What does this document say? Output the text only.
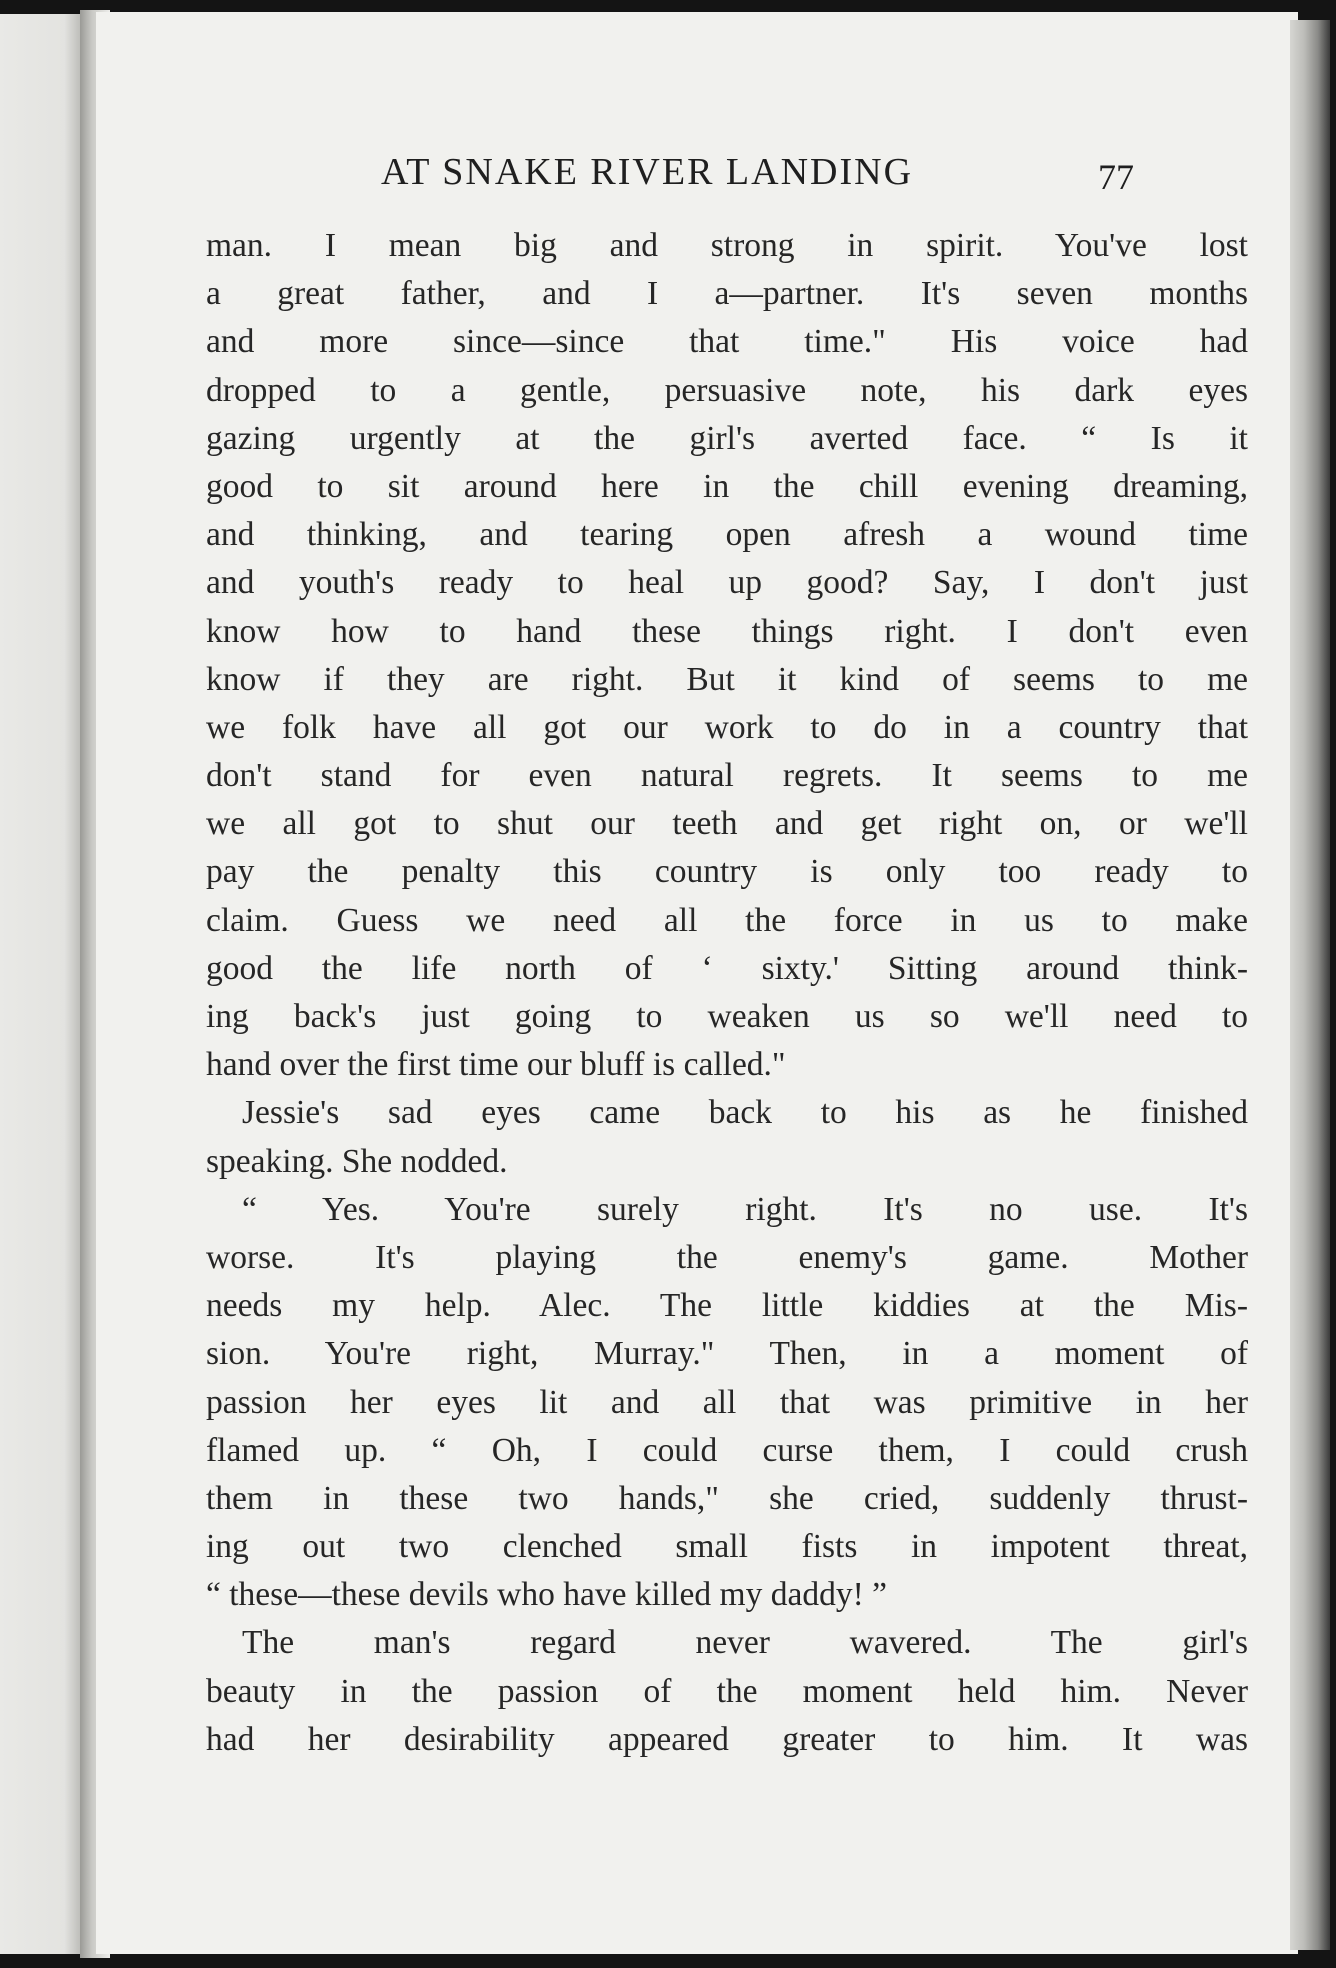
AT SNAKE RIVER LANDING	77
man. I mean big and strong in spirit. You've lost
a great father, and I a—partner. It's seven months
and more since—since that time." His voice had
dropped to a gentle, persuasive note, his dark eyes
gazing urgently at the girl's averted face. “ Is it
good to sit around here in the chill evening dreaming,
and thinking, and tearing open afresh a wound time
and youth's ready to heal up good? Say, I don't just
know how to hand these things right. I don't even
know if they are right. But it kind of seems to me
we folk have all got our work to do in a country that
don't stand for even natural regrets. It seems to me
we all got to shut our teeth and get right on, or we'll
pay the penalty this country is only too ready to
claim. Guess we need all the force in us to make
good the life north of ‘ sixty.' Sitting around think-
ing back's just going to weaken us so we'll need to
hand over the first time our bluff is called."
Jessie's sad eyes came back to his as he finished
speaking. She nodded.
“ Yes. You're surely right. It's no use. It's
worse. It's playing the enemy's game. Mother
needs my help. Alec. The little kiddies at the Mis-
sion. You're right, Murray." Then, in a moment of
passion her eyes lit and all that was primitive in her
flamed up. “ Oh, I could curse them, I could crush
them in these two hands," she cried, suddenly thrust-
ing out two clenched small fists in impotent threat,
“ these—these devils who have killed my daddy! ”
The man's regard never wavered. The girl's
beauty in the passion of the moment held him. Never
had her desirability appeared greater to him. It was
